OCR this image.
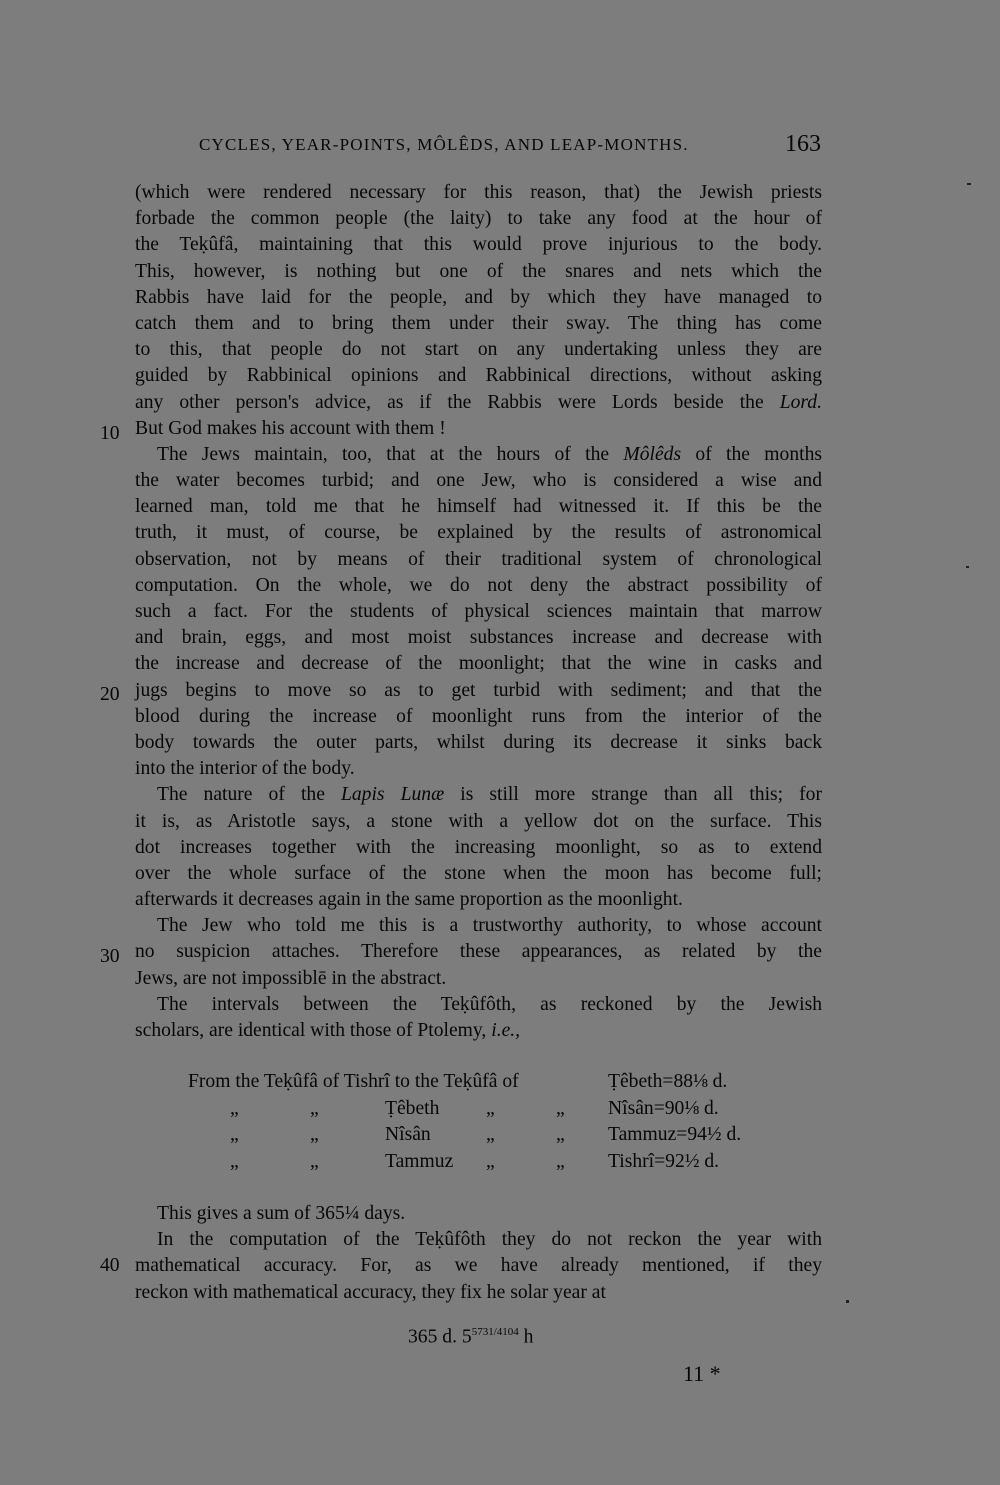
CYCLES, YEAR-POINTS, MÔLÊDS, AND LEAP-MONTHS.	163
10
20
30
40
(which were rendered necessary for this reason, that) the Jewish priests
forbade the common people (the laity) to take any food at the hour of
the Teḳûfâ, maintaining that this would prove injurious to the body.
This, however, is nothing but one of the snares and nets which the
Rabbis have laid for the people, and by which they have managed to
catch them and to bring them under their sway. The thing has come
to this, that people do not start on any undertaking unless they are
guided by Rabbinical opinions and Rabbinical directions, without asking
any other person's advice, as if the Rabbis were Lords beside the Lord.
But God makes his account with them !
The Jews maintain, too, that at the hours of the Môlêds of the months
the water becomes turbid; and one Jew, who is considered a wise and
learned man, told me that he himself had witnessed it. If this be the
truth, it must, of course, be explained by the results of astronomical
observation, not by means of their traditional system of chronological
computation. On the whole, we do not deny the abstract possibility of
such a fact. For the students of physical sciences maintain that marrow
and brain, eggs, and most moist substances increase and decrease with
the increase and decrease of the moonlight; that the wine in casks and
jugs begins to move so as to get turbid with sediment; and that the
blood during the increase of moonlight runs from the interior of the
body towards the outer parts, whilst during its decrease it sinks back
into the interior of the body.
The nature of the Lapis Lunæ is still more strange than all this; for
it is, as Aristotle says, a stone with a yellow dot on the surface. This
dot increases together with the increasing moonlight, so as to extend
over the whole surface of the stone when the moon has become full;
afterwards it decreases again in the same proportion as the moonlight.
The Jew who told me this is a trustworthy authority, to whose account
no suspicion attaches. Therefore these appearances, as related by the
Jews, are not impossiblē in the abstract.
The intervals between the Teḳûfôth, as reckoned by the Jewish
scholars, are identical with those of Ptolemy, i.e.,
From the Teḳûfâ of Tishrî to the Teḳûfâ of	Ṭêbeth=88⅛ d.
„	„	Ṭêbeth „	„ Nîsân=90⅛ d.
„	„	Nîsân	„	„ Tammuz=94½ d.
„	„	Tammuz „	„ Tishrî=92½ d.
This gives a sum of 365¼ days.
In the computation of the Teḳûfôth they do not reckon the year with
mathematical accuracy. For, as we have already mentioned, if they
reckon with mathematical accuracy, they fix he solar year at
365 d. $5^{5731/4104}$ h
11 *
